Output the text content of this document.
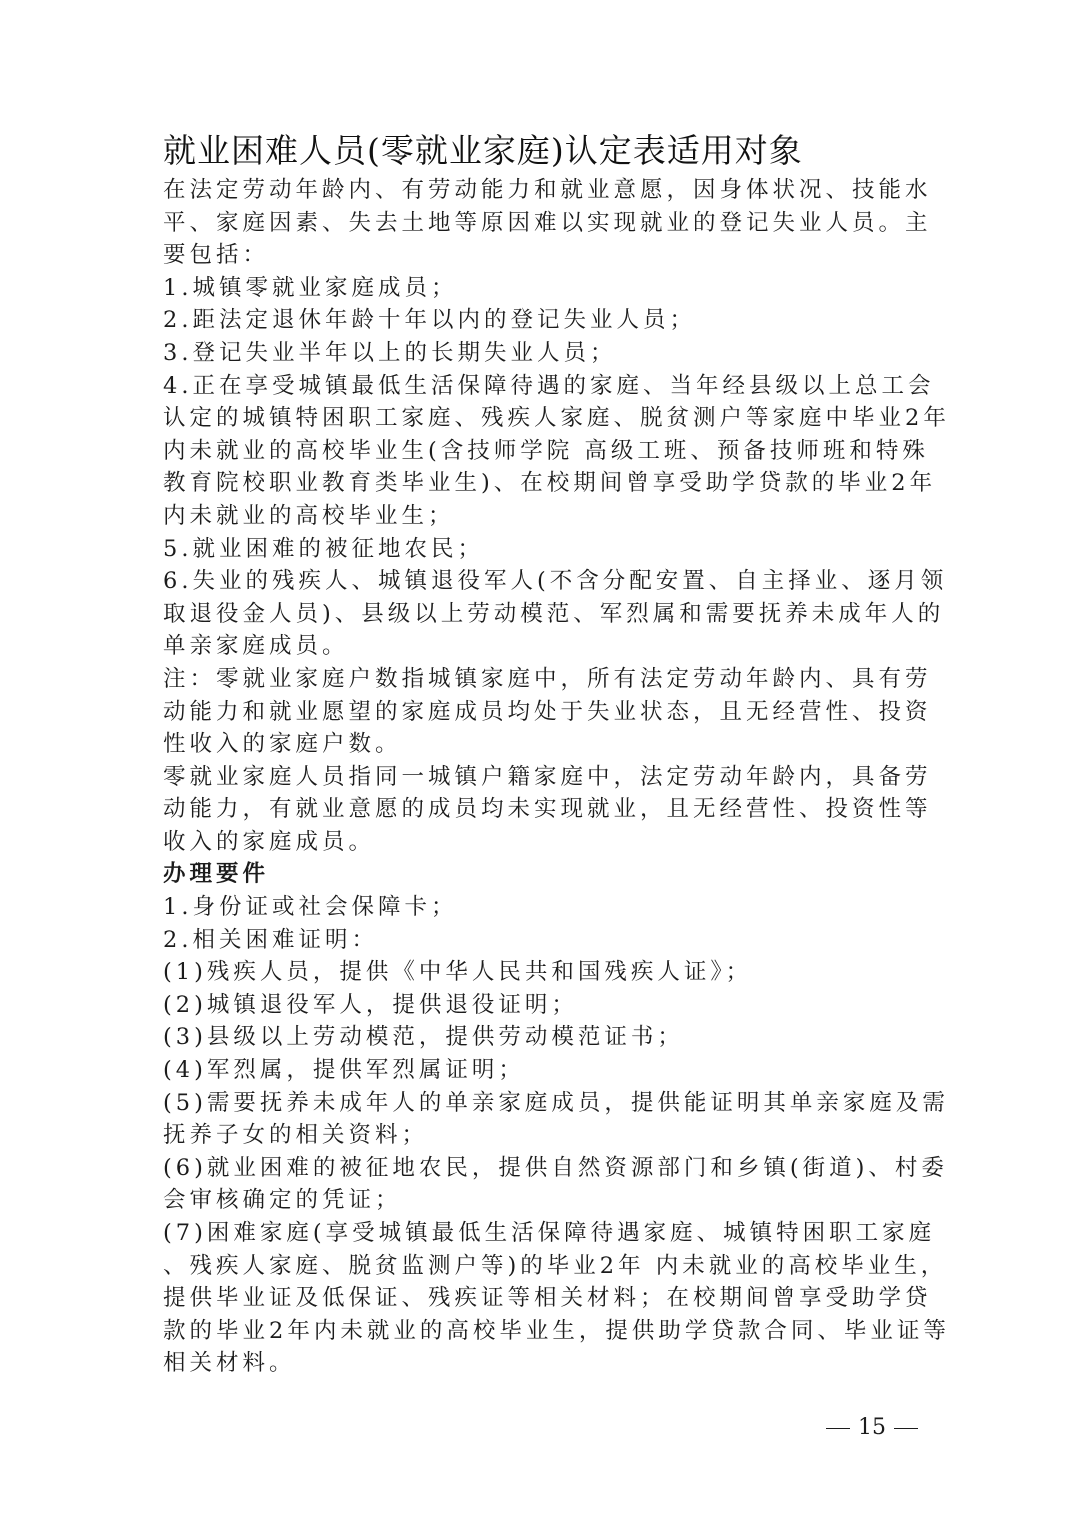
就业困难人员(零就业家庭)认定表适用对象

在法定劳动年龄内、有劳动能力和就业意愿，因身体状况、技能水

平、家庭因素、失去土地等原因难以实现就业的登记失业人员。主

要包括：

1.城镇零就业家庭成员；

2.距法定退休年龄十年以内的登记失业人员；

3.登记失业半年以上的长期失业人员；

4.正在享受城镇最低生活保障待遇的家庭、当年经县级以上总工会

认定的城镇特困职工家庭、残疾人家庭、脱贫测户等家庭中毕业2年

内未就业的高校毕业生(含技师学院 高级工班、预备技师班和特殊

教育院校职业教育类毕业生)、在校期间曾享受助学贷款的毕业2年

内未就业的高校毕业生；

5.就业困难的被征地农民；

6.失业的残疾人、城镇退役军人(不含分配安置、自主择业、逐月领

取退役金人员)、县级以上劳动模范、军烈属和需要抚养未成年人的

单亲家庭成员。

注：零就业家庭户数指城镇家庭中，所有法定劳动年龄内、具有劳

动能力和就业愿望的家庭成员均处于失业状态，且无经营性、投资

性收入的家庭户数。

零就业家庭人员指同一城镇户籍家庭中，法定劳动年龄内，具备劳

动能力，有就业意愿的成员均未实现就业，且无经营性、投资性等

收入的家庭成员。

办理要件

1.身份证或社会保障卡；

2.相关困难证明：

(1)残疾人员，提供《中华人民共和国残疾人证》；

(2)城镇退役军人，提供退役证明；

(3)县级以上劳动模范，提供劳动模范证书；

(4)军烈属，提供军烈属证明；

(5)需要抚养未成年人的单亲家庭成员，提供能证明其单亲家庭及需

抚养子女的相关资料；

(6)就业困难的被征地农民，提供自然资源部门和乡镇(街道)、村委

会审核确定的凭证；

(7)困难家庭(享受城镇最低生活保障待遇家庭、城镇特困职工家庭

、残疾人家庭、脱贫监测户等)的毕业2年 内未就业的高校毕业生，

提供毕业证及低保证、残疾证等相关材料；在校期间曾享受助学贷

款的毕业2年内未就业的高校毕业生，提供助学贷款合同、毕业证等

相关材料。

15
